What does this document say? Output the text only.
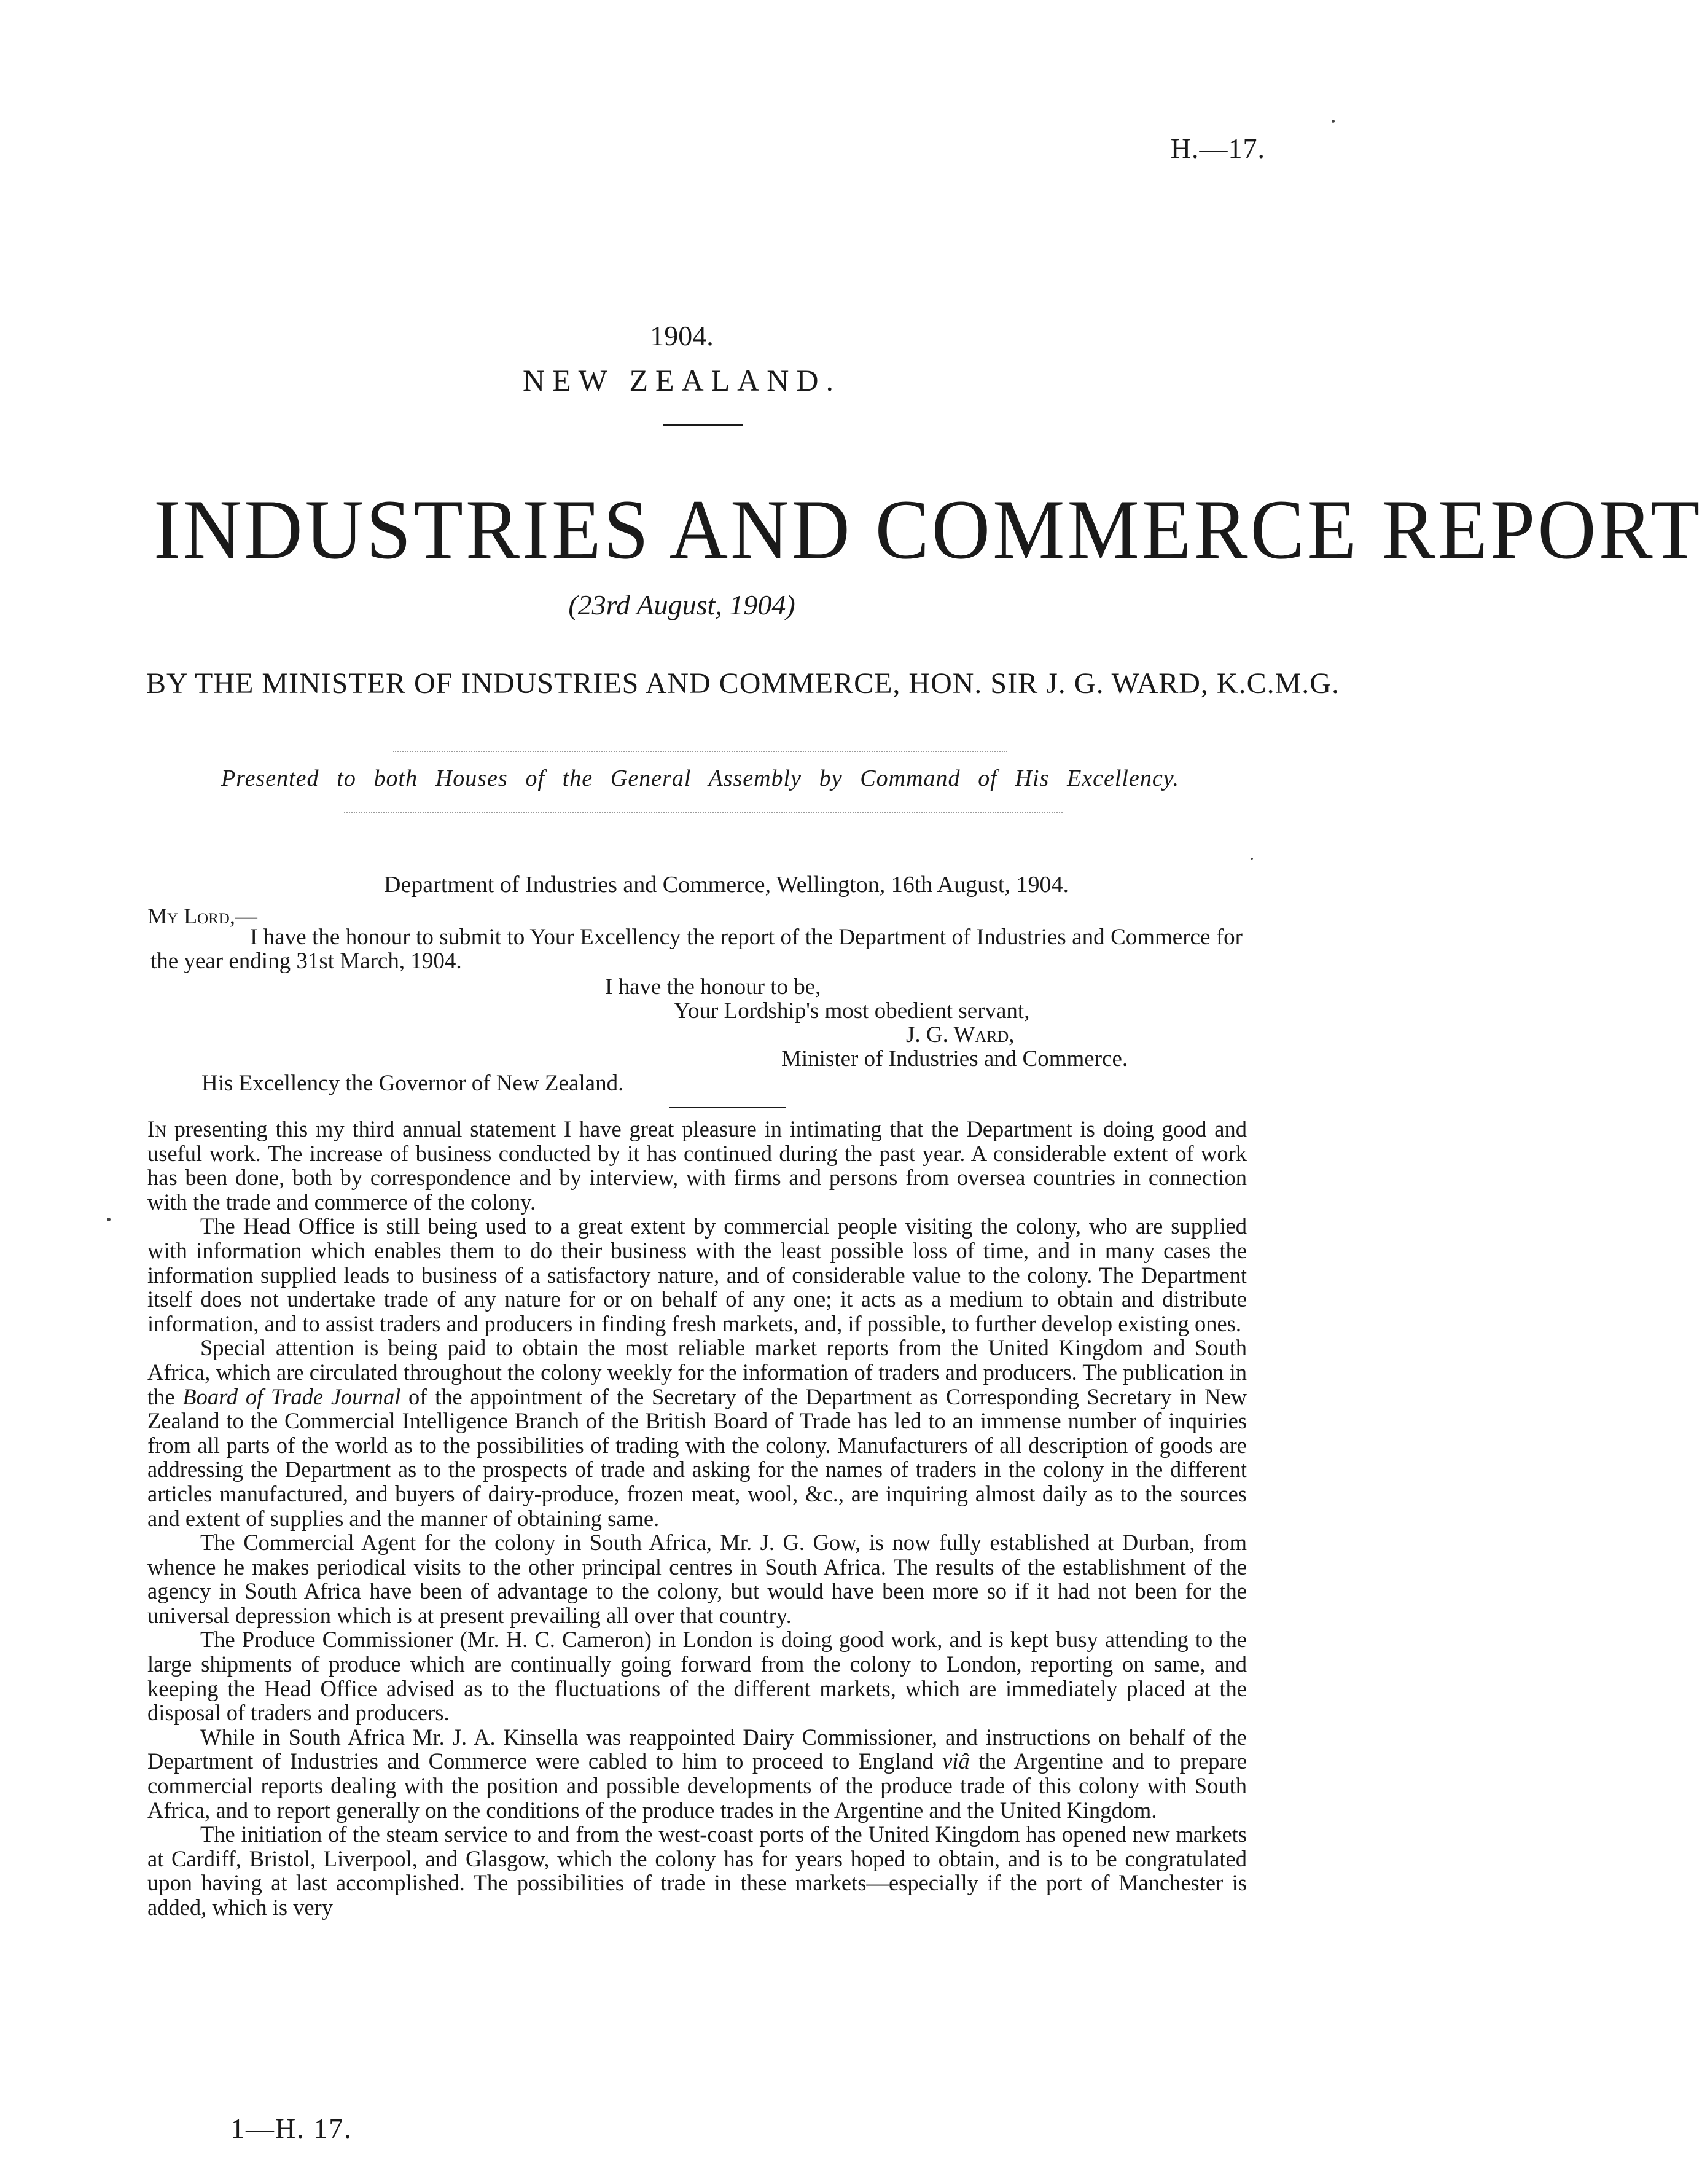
H.—17.
1904.
NEW ZEALAND.
INDUSTRIES AND COMMERCE REPORT
(23rd August, 1904)
BY THE MINISTER OF INDUSTRIES AND COMMERCE, HON. SIR J. G. WARD, K.C.M.G.
Presented to both Houses of the General Assembly by Command of His Excellency.
Department of Industries and Commerce, Wellington, 16th August, 1904.
My Lord,—
I have the honour to submit to Your Excellency the report of the Department of Industries and Commerce for the year ending 31st March, 1904.
I have the honour to be,
Your Lordship's most obedient servant,
J. G. Ward,
Minister of Industries and Commerce.
His Excellency the Governor of New Zealand.

In presenting this my third annual statement I have great pleasure in intimating that the Department is doing good and useful work. The increase of business conducted by it has continued during the past year. A considerable extent of work has been done, both by correspondence and by interview, with firms and persons from oversea countries in connection with the trade and commerce of the colony.

The Head Office is still being used to a great extent by commercial people visiting the colony, who are supplied with information which enables them to do their business with the least possible loss of time, and in many cases the information supplied leads to business of a satisfactory nature, and of considerable value to the colony. The Department itself does not undertake trade of any nature for or on behalf of any one; it acts as a medium to obtain and distribute information, and to assist traders and producers in finding fresh markets, and, if possible, to further develop existing ones.

Special attention is being paid to obtain the most reliable market reports from the United Kingdom and South Africa, which are circulated throughout the colony weekly for the information of traders and producers. The publication in the Board of Trade Journal of the appointment of the Secretary of the Department as Corresponding Secretary in New Zealand to the Commercial Intelligence Branch of the British Board of Trade has led to an immense number of inquiries from all parts of the world as to the possibilities of trading with the colony. Manufacturers of all description of goods are addressing the Department as to the prospects of trade and asking for the names of traders in the colony in the different articles manufactured, and buyers of dairy-produce, frozen meat, wool, &c., are inquiring almost daily as to the sources and extent of supplies and the manner of obtaining same.

The Commercial Agent for the colony in South Africa, Mr. J. G. Gow, is now fully established at Durban, from whence he makes periodical visits to the other principal centres in South Africa. The results of the establishment of the agency in South Africa have been of advantage to the colony, but would have been more so if it had not been for the universal depression which is at present prevailing all over that country.

The Produce Commissioner (Mr. H. C. Cameron) in London is doing good work, and is kept busy attending to the large shipments of produce which are continually going forward from the colony to London, reporting on same, and keeping the Head Office advised as to the fluctuations of the different markets, which are immediately placed at the disposal of traders and producers.

While in South Africa Mr. J. A. Kinsella was reappointed Dairy Commissioner, and instructions on behalf of the Department of Industries and Commerce were cabled to him to proceed to England viâ the Argentine and to prepare commercial reports dealing with the position and possible developments of the produce trade of this colony with South Africa, and to report generally on the conditions of the produce trades in the Argentine and the United Kingdom.

The initiation of the steam service to and from the west-coast ports of the United Kingdom has opened new markets at Cardiff, Bristol, Liverpool, and Glasgow, which the colony has for years hoped to obtain, and is to be congratulated upon having at last accomplished. The possibilities of trade in these markets—especially if the port of Manchester is added, which is very

1—H. 17.
